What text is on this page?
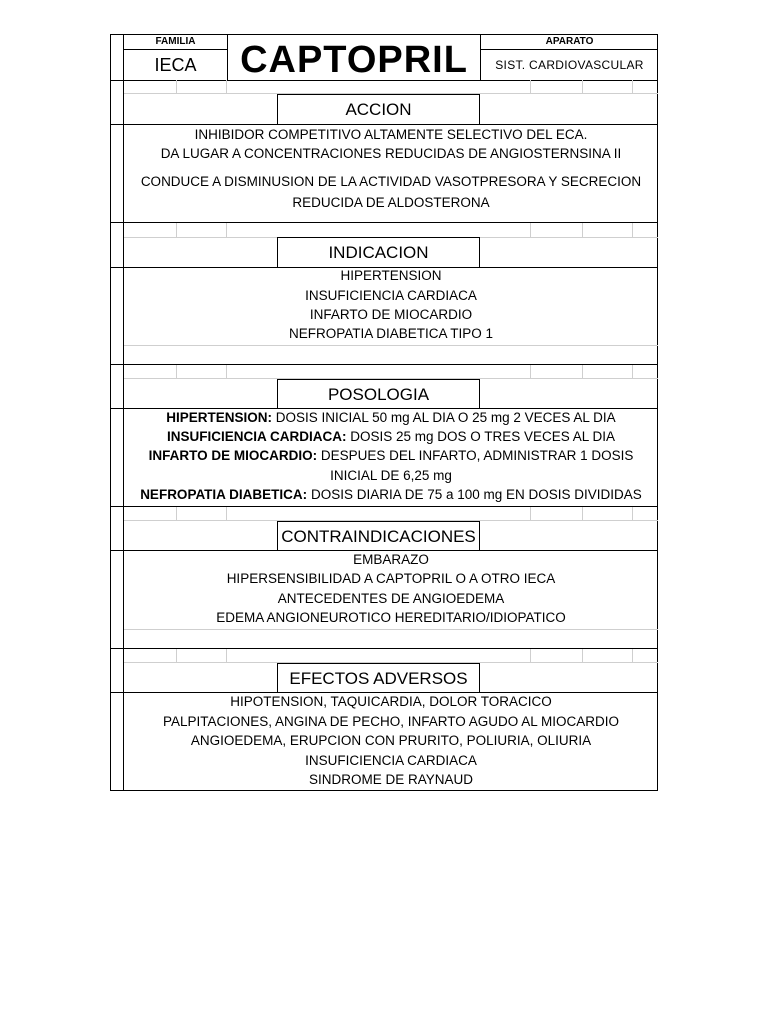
FAMILIA
IECA	CAPTOPRIL	APARATO
SIST. CARDIOVASCULAR
ACCION
INDICACION
POSOLOGIA
CONTRAINDICACIONES
EFECTOS ADVERSOS
INHIBIDOR COMPETITIVO ALTAMENTE SELECTIVO DEL ECA.
DA LUGAR A CONCENTRACIONES REDUCIDAS DE ANGIOSTERNSINA II
CONDUCE A DISMINUSION DE LA ACTIVIDAD VASOTPRESORA Y SECRECION
REDUCIDA DE ALDOSTERONA
HIPERTENSION
INSUFICIENCIA CARDIACA
INFARTO DE MIOCARDIO
NEFROPATIA DIABETICA TIPO 1
HIPERTENSION: DOSIS INICIAL 50 mg AL DIA O 25 mg 2 VECES AL DIA
INSUFICIENCIA CARDIACA: DOSIS 25 mg DOS O TRES VECES AL DIA
INFARTO DE MIOCARDIO: DESPUES DEL INFARTO, ADMINISTRAR 1 DOSIS
INICIAL DE 6,25 mg
NEFROPATIA DIABETICA: DOSIS DIARIA DE 75 a 100 mg EN DOSIS DIVIDIDAS
EMBARAZO
HIPERSENSIBILIDAD A CAPTOPRIL O A OTRO IECA
ANTECEDENTES DE ANGIOEDEMA
EDEMA ANGIONEUROTICO HEREDITARIO/IDIOPATICO
HIPOTENSION, TAQUICARDIA, DOLOR TORACICO
PALPITACIONES, ANGINA DE PECHO, INFARTO AGUDO AL MIOCARDIO
ANGIOEDEMA, ERUPCION CON PRURITO, POLIURIA, OLIURIA
INSUFICIENCIA CARDIACA
SINDROME DE RAYNAUD
